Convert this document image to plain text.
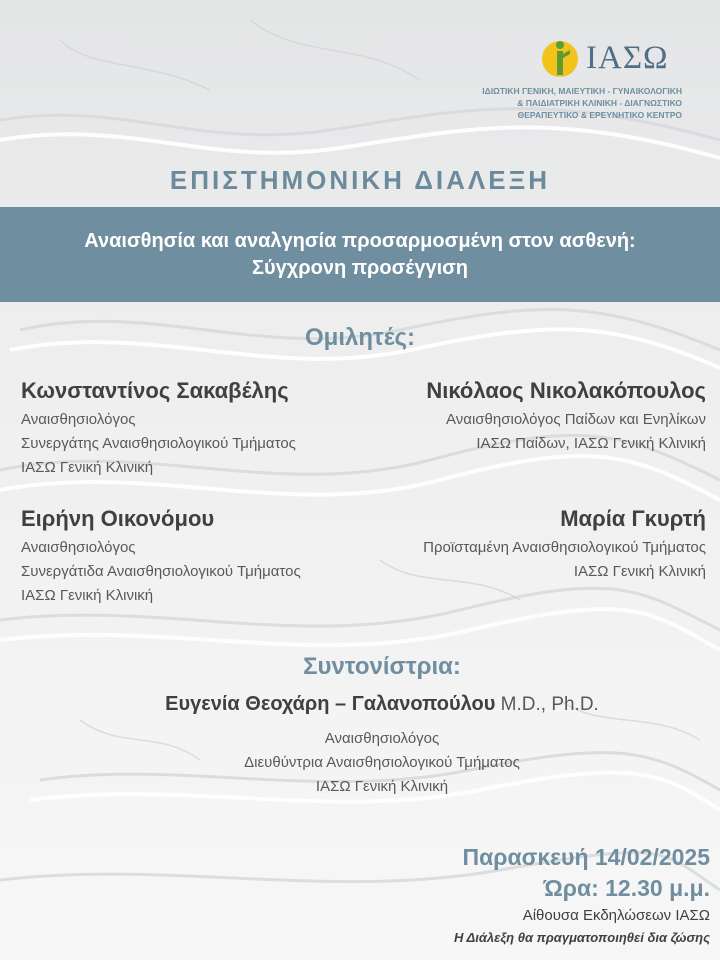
ΙΑΣΩ
ΙΔΙΩΤΙΚΗ ΓΕΝΙΚΗ, ΜΑΙΕΥΤΙΚΗ - ΓΥΝΑΙΚΟΛΟΓΙΚΗ
& ΠΑΙΔΙΑΤΡΙΚΗ ΚΛΙΝΙΚΗ - ΔΙΑΓΝΩΣΤΙΚΟ
ΘΕΡΑΠΕΥΤΙΚΟ & ΕΡΕΥΝΗΤΙΚΟ ΚΕΝΤΡΟ
ΕΠΙΣΤΗΜΟΝΙΚΗ ΔΙΑΛΕΞΗ
Αναισθησία και αναλγησία προσαρμοσμένη στον ασθενή:
Σύγχρονη προσέγγιση
Ομιλητές:
Κωνσταντίνος Σακαβέλης
Αναισθησιολόγος
Συνεργάτης Αναισθησιολογικού Τμήματος
ΙΑΣΩ Γενική Κλινική
Νικόλαος Νικολακόπουλος
Αναισθησιολόγος Παίδων και Ενηλίκων
ΙΑΣΩ Παίδων, ΙΑΣΩ Γενική Κλινική
Ειρήνη Οικονόμου
Αναισθησιολόγος
Συνεργάτιδα Αναισθησιολογικού Τμήματος
ΙΑΣΩ Γενική Κλινική
Μαρία Γκυρτή
Προϊσταμένη Αναισθησιολογικού Τμήματος
ΙΑΣΩ Γενική Κλινική
Συντονίστρια:
Ευγενία Θεοχάρη – Γαλανοπούλου M.D., Ph.D.
Αναισθησιολόγος
Διευθύντρια Αναισθησιολογικού Τμήματος
ΙΑΣΩ Γενική Κλινική
Παρασκευή 14/02/2025
Ώρα: 12.30 μ.μ.
Αίθουσα Εκδηλώσεων ΙΑΣΩ
Η Διάλεξη θα πραγματοποιηθεί δια ζώσης
